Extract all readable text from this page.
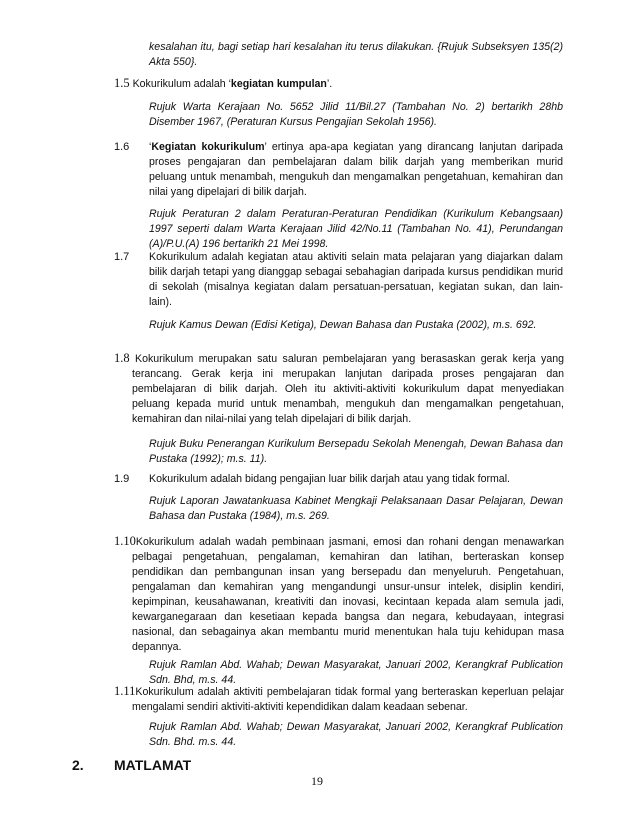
kesalahan itu, bagi setiap hari kesalahan itu terus dilakukan. {Rujuk Subseksyen 135(2) Akta 550}.

1.5 Kokurikulum adalah ‘kegiatan kumpulan’.

Rujuk Warta Kerajaan No. 5652 Jilid 11/Bil.27 (Tambahan No. 2) bertarikh 28hb Disember 1967, (Peraturan Kursus Pengajian Sekolah 1956).

1.6 ‘Kegiatan kokurikulum’ ertinya apa-apa kegiatan yang dirancang lanjutan daripada proses pengajaran dan pembelajaran dalam bilik darjah yang memberikan murid peluang untuk menambah, mengukuh dan mengamalkan pengetahuan, kemahiran dan nilai yang dipelajari di bilik darjah.

Rujuk Peraturan 2 dalam Peraturan-Peraturan Pendidikan (Kurikulum Kebangsaan) 1997 seperti dalam Warta Kerajaan Jilid 42/No.11 (Tambahan No. 41), Perundangan (A)/P.U.(A) 196 bertarikh 21 Mei 1998.

1.7 Kokurikulum adalah kegiatan atau aktiviti selain mata pelajaran yang diajarkan dalam bilik darjah tetapi yang dianggap sebagai sebahagian daripada kursus pendidikan murid di sekolah (misalnya kegiatan dalam persatuan-persatuan, kegiatan sukan, dan lain-lain).

Rujuk Kamus Dewan (Edisi Ketiga), Dewan Bahasa dan Pustaka (2002), m.s. 692.

1.8 Kokurikulum merupakan satu saluran pembelajaran yang berasaskan gerak kerja yang terancang. Gerak kerja ini merupakan lanjutan daripada proses pengajaran dan pembelajaran di bilik darjah. Oleh itu aktiviti-aktiviti kokurikulum dapat menyediakan peluang kepada murid untuk menambah, mengukuh dan mengamalkan pengetahuan, kemahiran dan nilai-nilai yang telah dipelajari di bilik darjah.

Rujuk Buku Penerangan Kurikulum Bersepadu Sekolah Menengah, Dewan Bahasa dan Pustaka (1992); m.s. 11).

1.9 Kokurikulum adalah bidang pengajian luar bilik darjah atau yang tidak formal.

Rujuk Laporan Jawatankuasa Kabinet Mengkaji Pelaksanaan Dasar Pelajaran, Dewan Bahasa dan Pustaka (1984), m.s. 269.

1.10Kokurikulum adalah wadah pembinaan jasmani, emosi dan rohani dengan menawarkan pelbagai pengetahuan, pengalaman, kemahiran dan latihan, berteraskan konsep pendidikan dan pembangunan insan yang bersepadu dan menyeluruh. Pengetahuan, pengalaman dan kemahiran yang mengandungi unsur-unsur intelek, disiplin kendiri, kepimpinan, keusahawanan, kreativiti dan inovasi, kecintaan kepada alam semula jadi, kewarganegaraan dan kesetiaan kepada bangsa dan negara, kebudayaan, integrasi nasional, dan sebagainya akan membantu murid menentukan hala tuju kehidupan masa depannya.

Rujuk Ramlan Abd. Wahab; Dewan Masyarakat, Januari 2002, Kerangkraf Publication Sdn. Bhd, m.s. 44.

1.11Kokurikulum adalah aktiviti pembelajaran tidak formal yang berteraskan keperluan pelajar mengalami sendiri aktiviti-aktiviti kependidikan dalam keadaan sebenar.

Rujuk Ramlan Abd. Wahab; Dewan Masyarakat, Januari 2002, Kerangkraf Publication Sdn. Bhd. m.s. 44.

2. MATLAMAT
19
